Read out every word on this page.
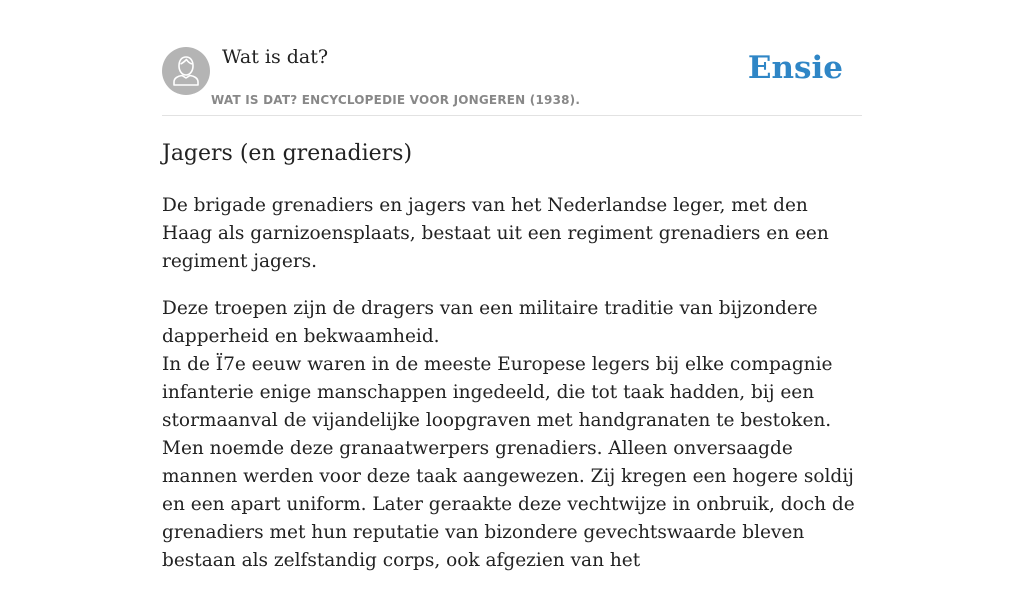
Wat is dat?
WAT IS DAT? ENCYCLOPEDIE VOOR JONGEREN (1938).
Ensie
Jagers (en grenadiers)

De brigade grenadiers en jagers van het Nederlandse leger, met den Haag als garnizoensplaats, bestaat uit een regiment grenadiers en een regiment jagers.

Deze troepen zijn de dragers van een militaire traditie van bijzondere dapperheid en bekwaamheid.
In de Ï7e eeuw waren in de meeste Europese legers bij elke compagnie infanterie enige manschappen ingedeeld, die tot taak hadden, bij een stormaanval de vijandelijke loopgraven met handgranaten te bestoken. Men noemde deze granaatwerpers grenadiers. Alleen onversaagde mannen werden voor deze taak aangewezen. Zij kregen een hogere soldij en een apart uniform. Later geraakte deze vechtwijze in onbruik, doch de grenadiers met hun reputatie van bizondere gevechtswaarde bleven bestaan als zelfstandig corps, ook afgezien van het
